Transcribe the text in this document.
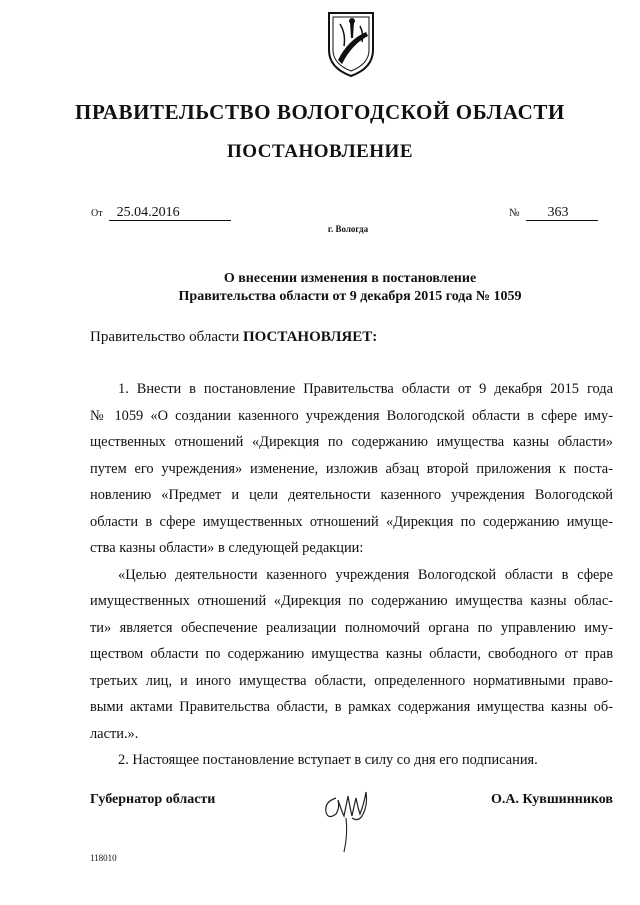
ПРАВИТЕЛЬСТВО ВОЛОГОДСКОЙ ОБЛАСТИ
ПОСТАНОВЛЕНИЕ
От 25.04.2016	№ 363
г. Вологда
О внесении изменения в постановление
Правительства области от 9 декабря 2015 года № 1059
Правительство области ПОСТАНОВЛЯЕТ:
1. Внести в постановление Правительства области от 9 декабря 2015 года
№ 1059 «О создании казенного учреждения Вологодской области в сфере иму-
щественных отношений «Дирекция по содержанию имущества казны области»
путем его учреждения» изменение, изложив абзац второй приложения к поста-
новлению «Предмет и цели деятельности казенного учреждения Вологодской
области в сфере имущественных отношений «Дирекция по содержанию имуще-
ства казны области» в следующей редакции:
«Целью деятельности казенного учреждения Вологодской области в сфере
имущественных отношений «Дирекция по содержанию имущества казны облас-
ти» является обеспечение реализации полномочий органа по управлению иму-
ществом области по содержанию имущества казны области, свободного от прав
третьих лиц, и иного имущества области, определенного нормативными право-
выми актами Правительства области, в рамках содержания имущества казны об-
ласти.».
2. Настоящее постановление вступает в силу со дня его подписания.
Губернатор области	О.А. Кувшинников
118010
